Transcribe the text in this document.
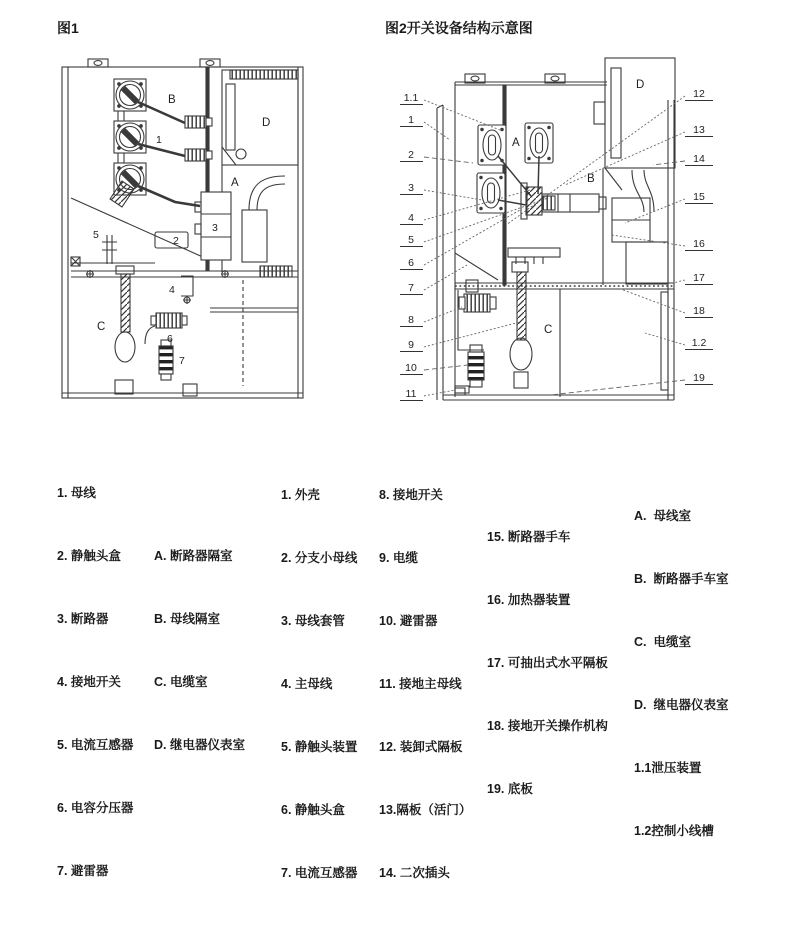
图1	图2开关设备结构示意图
B
1
D
A
3
2
5
4
C
6
7
1.1
1
2
3
4
5
6
7
8
9
10
11
12
13
14
15
16
17
18
1.2
19
A
B
C
D

1. 母线

2. 静触头盒

3. 断路器

4. 接地开关

5. 电流互感器

6. 电容分压器

7. 避雷器

A. 断路器隔室

B. 母线隔室

C. 电缆室

D. 继电器仪表室

1. 外壳

2. 分支小母线

3. 母线套管

4. 主母线

5. 静触头装置

6. 静触头盒

7. 电流互感器

8. 接地开关

9. 电缆

10. 避雷器

11. 接地主母线

12. 装卸式隔板

13.隔板（活门）

14. 二次插头

15. 断路器手车

16. 加热器装置

17. 可抽出式水平隔板

18. 接地开关操作机构

19. 底板

A.  母线室

B.  断路器手车室

C.  电缆室

D.  继电器仪表室

1.1泄压装置

1.2控制小线槽
